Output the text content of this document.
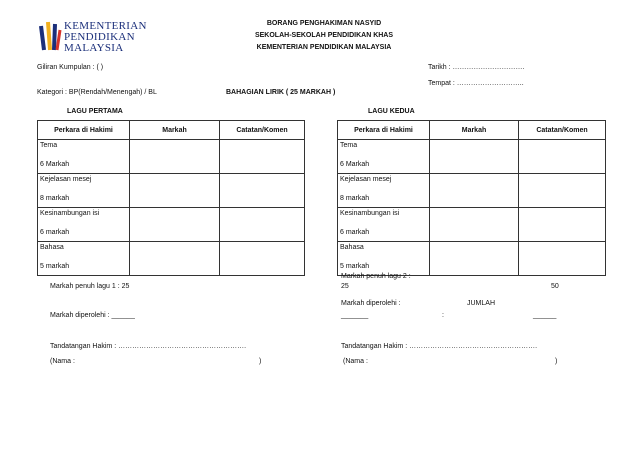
KEMENTERIAN
PENDIDIKAN
MALAYSIA
BORANG PENGHAKIMAN NASYID
SEKOLAH-SEKOLAH PENDIDIKAN KHAS
KEMENTERIAN PENDIDIKAN MALAYSIA
Giliran Kumpulan : ( )	Tarikh : ………………………….
Tempat : ………………………..
Kategori : BP(Rendah/Menengah) / BL	BAHAGIAN LIRIK ( 25 MARKAH )
LAGU PERTAMA	LAGU KEDUA
Perkara di Hakimi	Markah	Catatan/Komen

Tema
6 Markah		

Kejelasan mesej
8 markah		

Kesinambungan isi
6 markah		

Bahasa
5 markah		

Perkara di Hakimi	Markah	Catatan/Komen

Tema
6 Markah		

Kejelasan mesej
8 markah		

Kesinambungan isi
6 markah		

Bahasa
5 markah		

Markah penuh lagu 1 : 25
Markah diperolehi : ______
Tandatangan Hakim : ……………………………………………….
(Nama :	)
Markah penuh lagu 2 :
25	50
Markah diperolehi :	JUMLAH
_______	:	______
Tandatangan Hakim : ……………………………………………….
(Nama :	)
